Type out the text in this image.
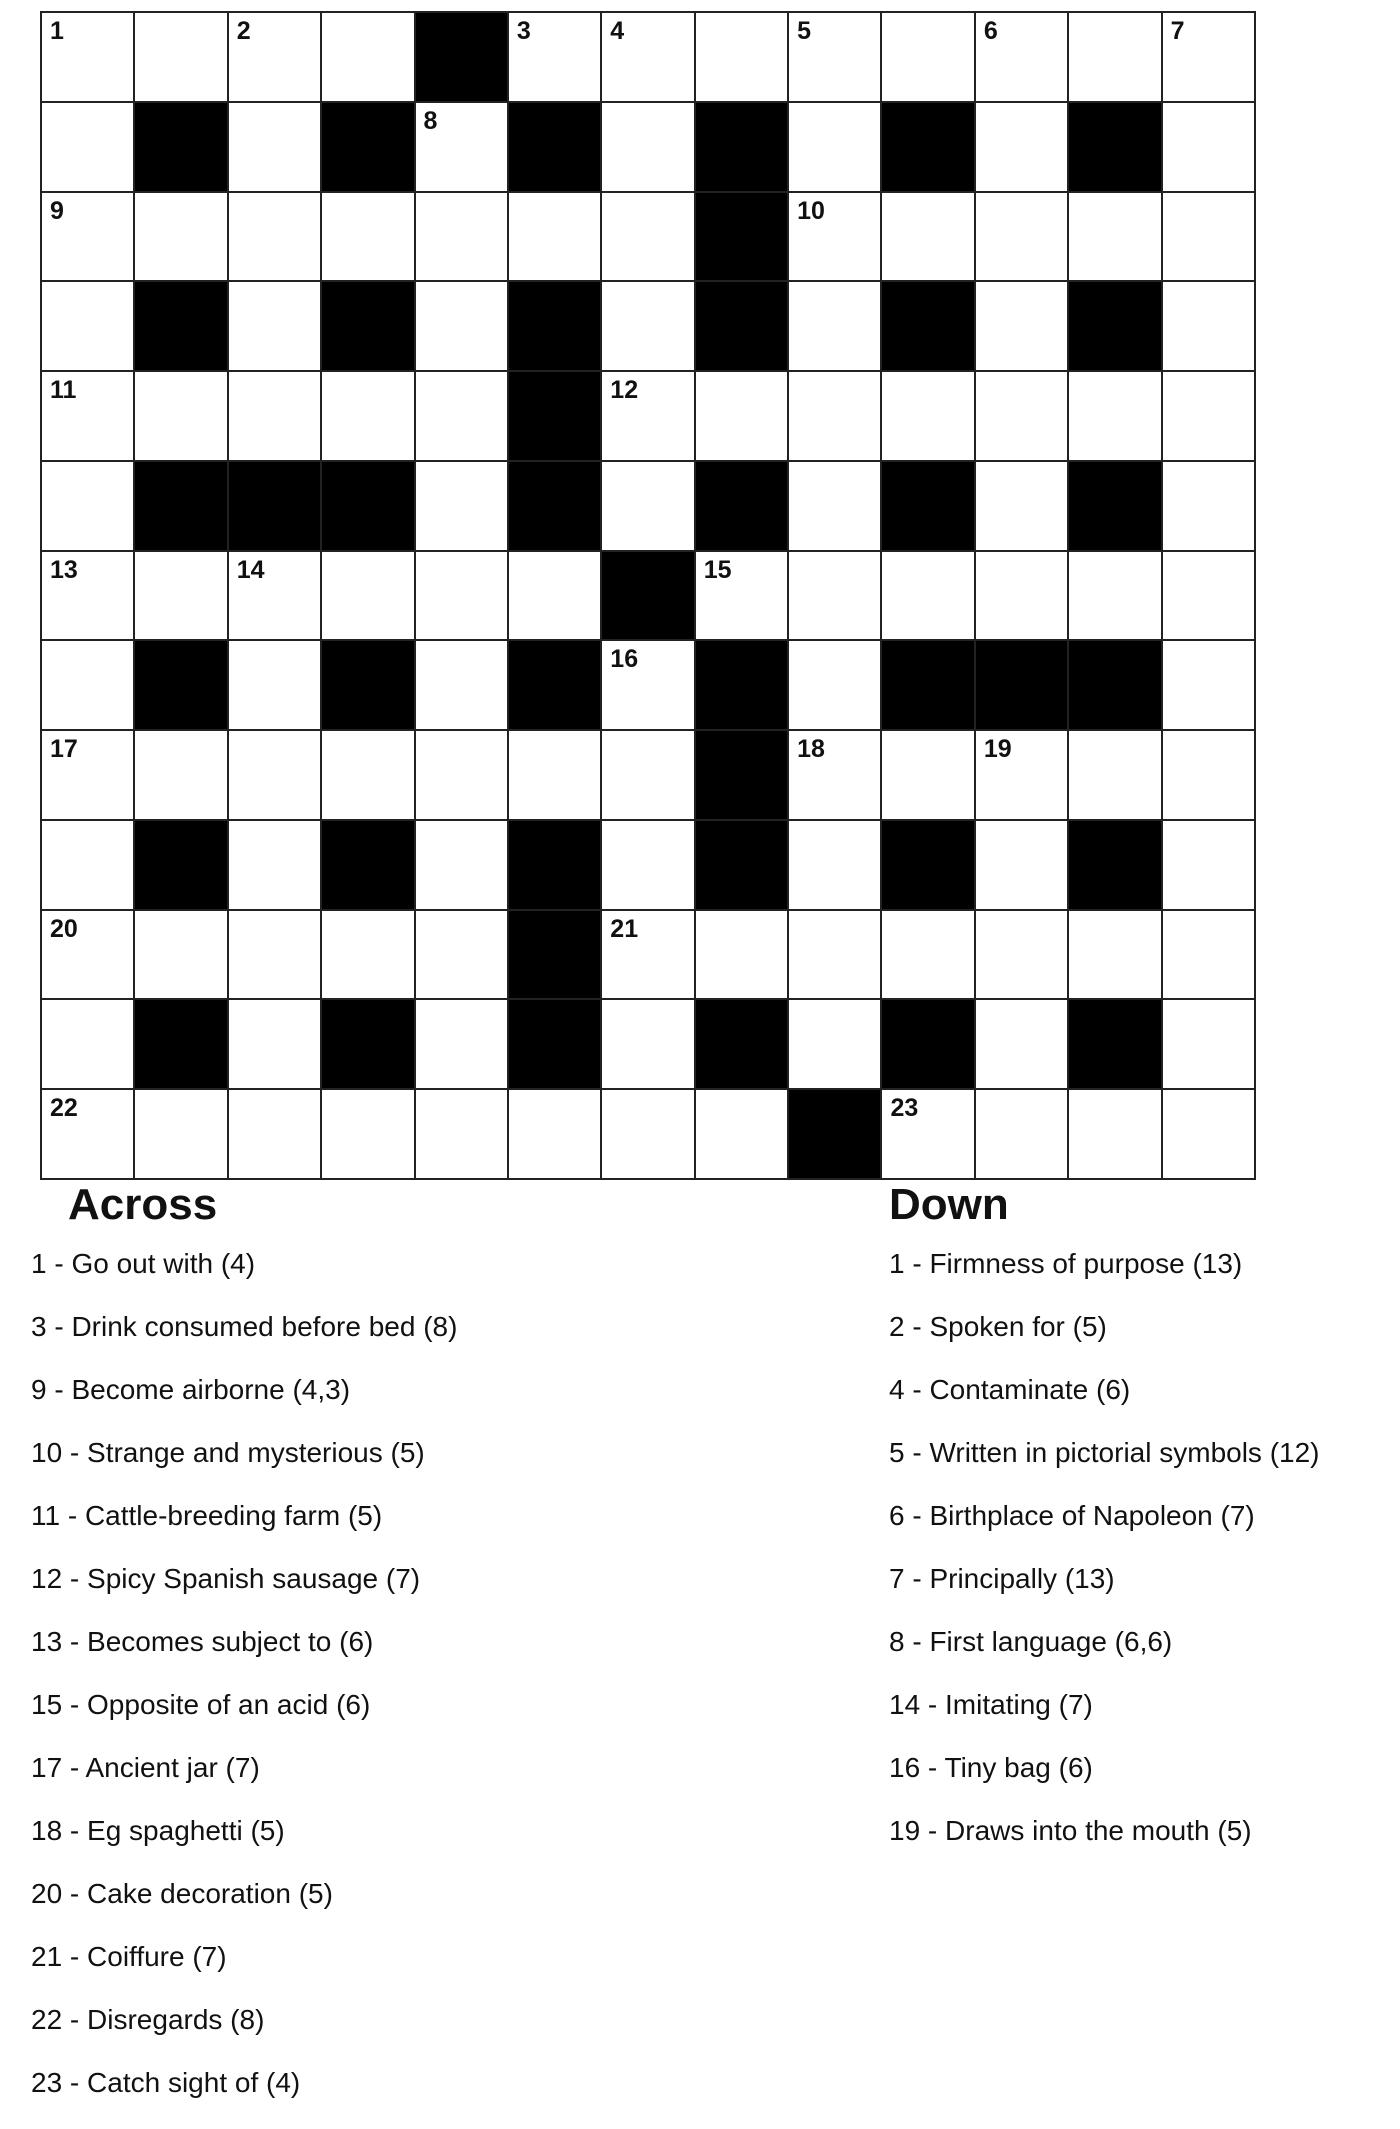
1	2	3	4	5	6	7
8
9	10
11	12
13	14	15
16
17	18	19
20	21
22	23
Across	Down
1 - Go out with (4)
3 - Drink consumed before bed (8)
9 - Become airborne (4,3)
10 - Strange and mysterious (5)
11 - Cattle-breeding farm (5)
12 - Spicy Spanish sausage (7)
13 - Becomes subject to (6)
15 - Opposite of an acid (6)
17 - Ancient jar (7)
18 - Eg spaghetti (5)
20 - Cake decoration (5)
21 - Coiffure (7)
22 - Disregards (8)
23 - Catch sight of (4)
1 - Firmness of purpose (13)
2 - Spoken for (5)
4 - Contaminate (6)
5 - Written in pictorial symbols (12)
6 - Birthplace of Napoleon (7)
7 - Principally (13)
8 - First language (6,6)
14 - Imitating (7)
16 - Tiny bag (6)
19 - Draws into the mouth (5)
